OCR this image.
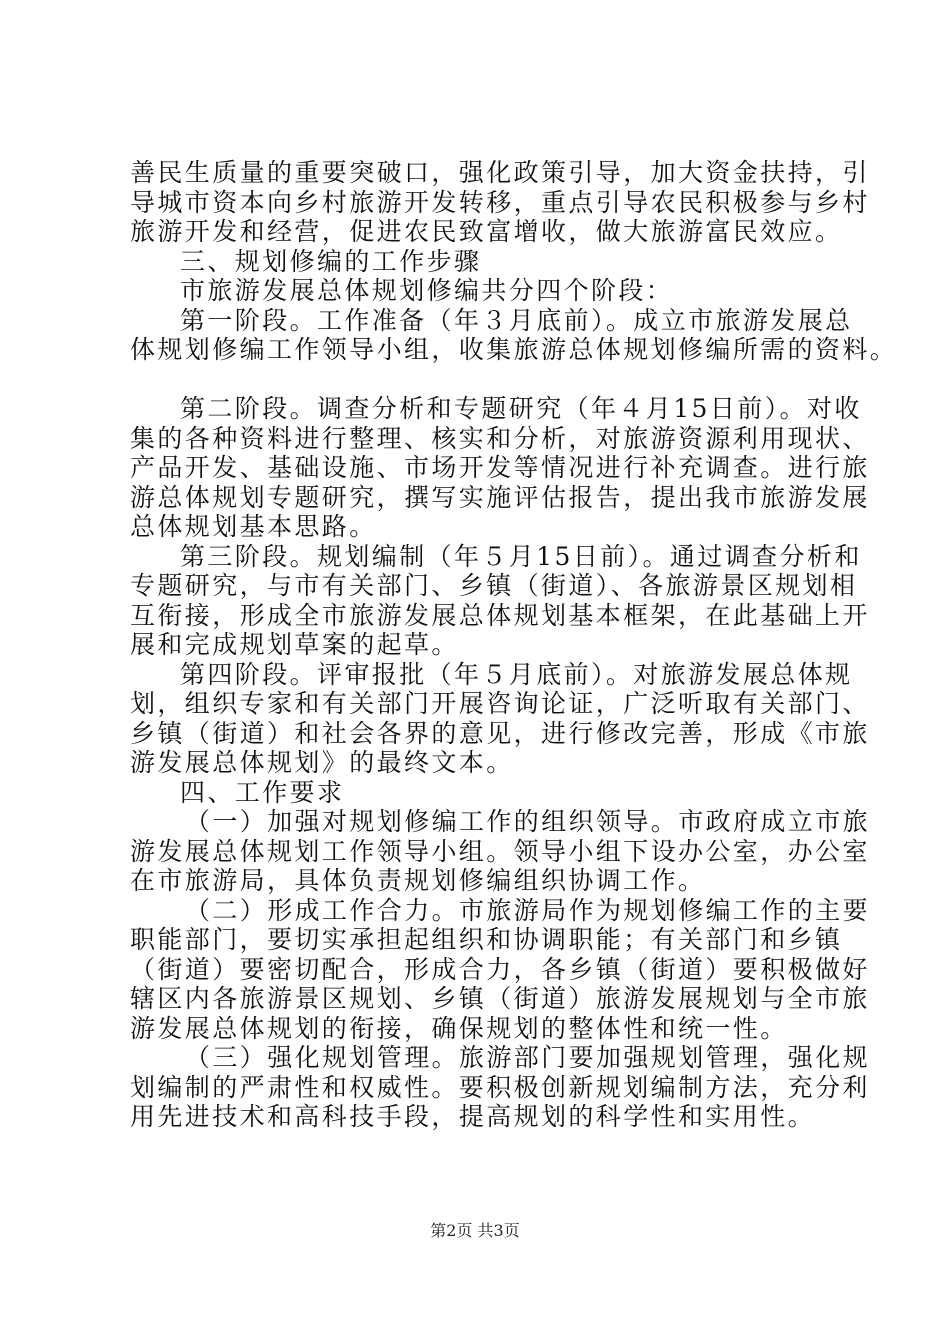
善民生质量的重要突破口，强化政策引导，加大资金扶持，引
导城市资本向乡村旅游开发转移，重点引导农民积极参与乡村
旅游开发和经营，促进农民致富增收，做大旅游富民效应。
三、规划修编的工作步骤
市旅游发展总体规划修编共分四个阶段：
第一阶段。工作准备（年３月底前）。成立市旅游发展总
体规划修编工作领导小组，收集旅游总体规划修编所需的资料。
第二阶段。调查分析和专题研究（年４月15日前）。对收
集的各种资料进行整理、核实和分析，对旅游资源利用现状、
产品开发、基础设施、市场开发等情况进行补充调查。进行旅
游总体规划专题研究，撰写实施评估报告，提出我市旅游发展
总体规划基本思路。
第三阶段。规划编制（年５月15日前）。通过调查分析和
专题研究，与市有关部门、乡镇（街道）、各旅游景区规划相
互衔接，形成全市旅游发展总体规划基本框架，在此基础上开
展和完成规划草案的起草。
第四阶段。评审报批（年５月底前）。对旅游发展总体规
划，组织专家和有关部门开展咨询论证，广泛听取有关部门、
乡镇（街道）和社会各界的意见，进行修改完善，形成《市旅
游发展总体规划》的最终文本。
四、工作要求
（一）加强对规划修编工作的组织领导。市政府成立市旅
游发展总体规划工作领导小组。领导小组下设办公室，办公室
在市旅游局，具体负责规划修编组织协调工作。
（二）形成工作合力。市旅游局作为规划修编工作的主要
职能部门，要切实承担起组织和协调职能；有关部门和乡镇
（街道）要密切配合，形成合力，各乡镇（街道）要积极做好
辖区内各旅游景区规划、乡镇（街道）旅游发展规划与全市旅
游发展总体规划的衔接，确保规划的整体性和统一性。
（三）强化规划管理。旅游部门要加强规划管理，强化规
划编制的严肃性和权威性。要积极创新规划编制方法，充分利
用先进技术和高科技手段，提高规划的科学性和实用性。
第2页 共3页
